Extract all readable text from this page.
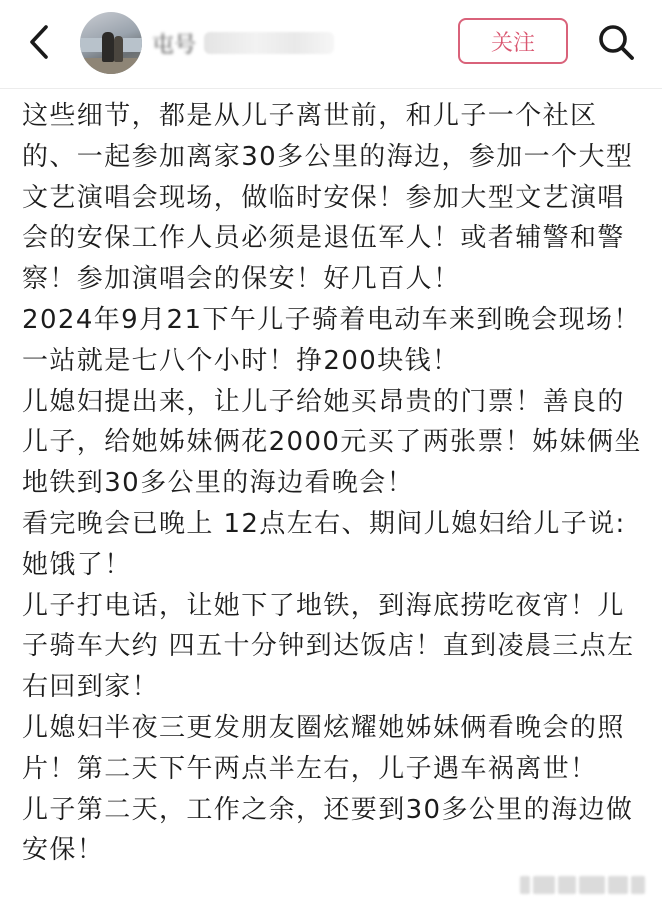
屯号	关注

这些细节，都是从儿子离世前，和儿子一个社区的、一起参加离家30多公里的海边，参加一个大型文艺演唱会现场，做临时安保！参加大型文艺演唱会的安保工作人员必须是退伍军人！或者辅警和警察！参加演唱会的保安！好几百人！

2024年9月21下午儿子骑着电动车来到晚会现场！

一站就是七八个小时！挣200块钱！

儿媳妇提出来，让儿子给她买昂贵的门票！善良的儿子，给她姊妹俩花2000元买了两张票！姊妹俩坐地铁到30多公里的海边看晚会！

看完晚会已晚上 12点左右、期间儿媳妇给儿子说:她饿了！

儿子打电话，让她下了地铁，到海底捞吃夜宵！儿子骑车大约 四五十分钟到达饭店！直到凌晨三点左右回到家！

儿媳妇半夜三更发朋友圈炫耀她姊妹俩看晚会的照片！第二天下午两点半左右，儿子遇车祸离世！

儿子第二天，工作之余，还要到30多公里的海边做安保！
